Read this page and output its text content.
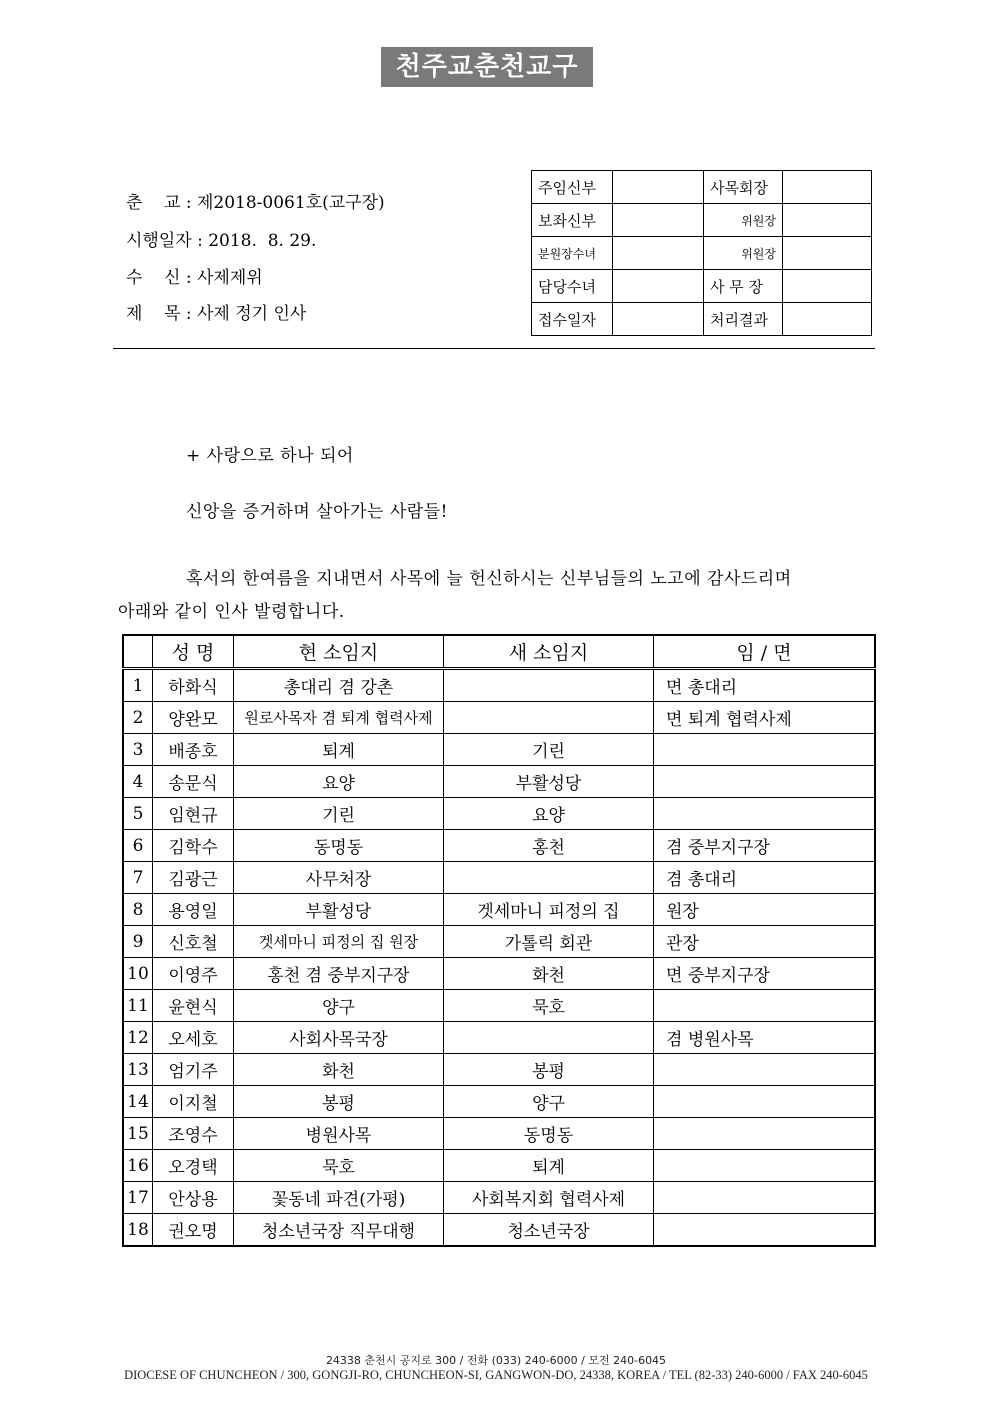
천주교춘천교구
춘    교 : 제2018-0061호(교구장)
시행일자 : 2018.  8. 29.
수    신 : 사제제위
제    목 : 사제 정기 인사
주임신부		사목회장	
보좌신부		위원장	
분원장수녀		위원장	
담당수녀		사 무 장	
접수일자		처리결과	
+ 사랑으로 하나 되어
신앙을 증거하며 살아가는 사람들!
혹서의 한여름을 지내면서 사목에 늘 헌신하시는 신부님들의 노고에 감사드리며
아래와 같이 인사 발령합니다.
	성 명	현 소임지	새 소임지	임 / 면
1	하화식	총대리 겸 강촌		면 총대리
2	양완모	원로사목자 겸 퇴계 협력사제		면 퇴계 협력사제
3	배종호	퇴계	기린	
4	송문식	요양	부활성당	
5	임현규	기린	요양	
6	김학수	동명동	홍천	겸 중부지구장
7	김광근	사무처장		겸 총대리
8	용영일	부활성당	겟세마니 피정의 집	원장
9	신호철	겟세마니 피정의 집 원장	가톨릭 회관	관장
10	이영주	홍천 겸 중부지구장	화천	면 중부지구장
11	윤현식	양구	묵호	
12	오세호	사회사목국장		겸 병원사목
13	엄기주	화천	봉평	
14	이지철	봉평	양구	
15	조영수	병원사목	동명동	
16	오경택	묵호	퇴계	
17	안상용	꽃동네 파견(가평)	사회복지회 협력사제	
18	권오명	청소년국장 직무대행	청소년국장	
24338 춘천시 공지로 300 / 전화 (033) 240-6000 / 모전 240-6045
DIOCESE OF CHUNCHEON / 300, GONGJI-RO, CHUNCHEON-SI, GANGWON-DO, 24338, KOREA / TEL (82-33) 240-6000 / FAX 240-6045
